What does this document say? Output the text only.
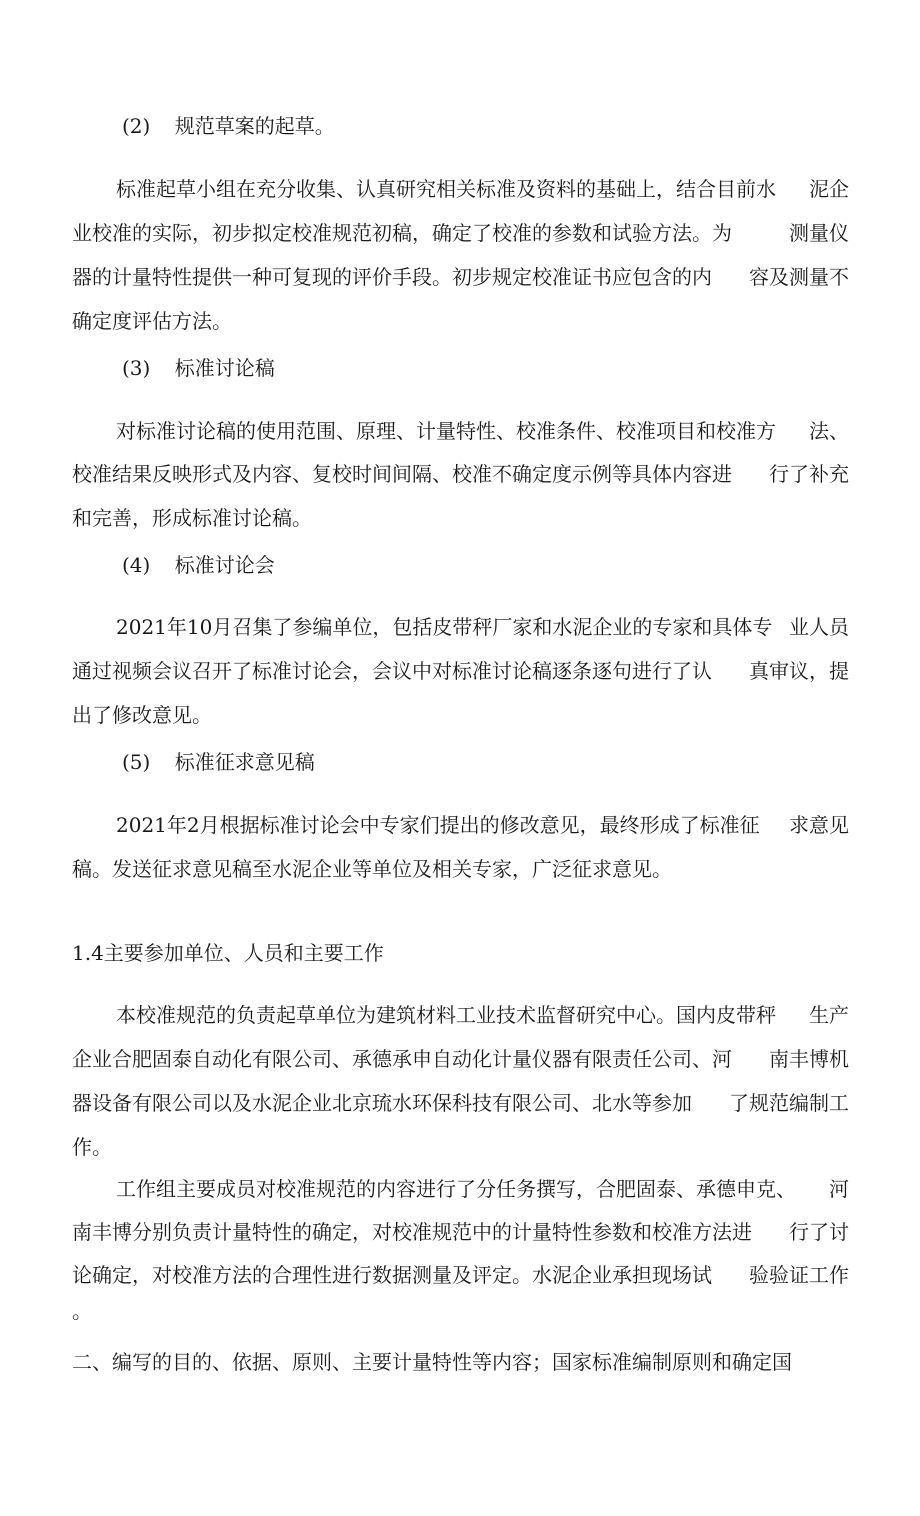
(2) 规范草案的起草。
标准起草小组在充分收集、认真研究相关标准及资料的基础上，结合目前水 泥企
业校准的实际，初步拟定校准规范初稿，确定了校准的参数和试验方法。为	测量仪
器的计量特性提供一种可复现的评价手段。初步规定校准证书应包含的内 容及测量不
确定度评估方法。
(3) 标准讨论稿
对标准讨论稿的使用范围、原理、计量特性、校准条件、校准项目和校准方 法、
校准结果反映形式及内容、复校时间间隔、校准不确定度示例等具体内容进 行了补充
和完善，形成标准讨论稿。
(4) 标准讨论会
2021年10月召集了参编单位，包括皮带秤厂家和水泥企业的专家和具体专 业人员
通过视频会议召开了标准讨论会，会议中对标准讨论稿逐条逐句进行了认 真审议，提
出了修改意见。
(5) 标准征求意见稿
2021年2月根据标准讨论会中专家们提出的修改意见，最终形成了标准征 求意见
稿。发送征求意见稿至水泥企业等单位及相关专家，广泛征求意见。
1.4主要参加单位、人员和主要工作
本校准规范的负责起草单位为建筑材料工业技术监督研究中心。国内皮带秤 生产
企业合肥固泰自动化有限公司、承德承申自动化计量仪器有限责任公司、河 南丰博机
器设备有限公司以及水泥企业北京琉水环保科技有限公司、北水等参加 了规范编制工
作。
工作组主要成员对校准规范的内容进行了分任务撰写，合肥固泰、承德申克、 河
南丰博分别负责计量特性的确定，对校准规范中的计量特性参数和校准方法进 行了讨
论确定，对校准方法的合理性进行数据测量及评定。水泥企业承担现场试 验验证工作
。
二、编写的目的、依据、原则、主要计量特性等内容；国家标准编制原则和确定国
